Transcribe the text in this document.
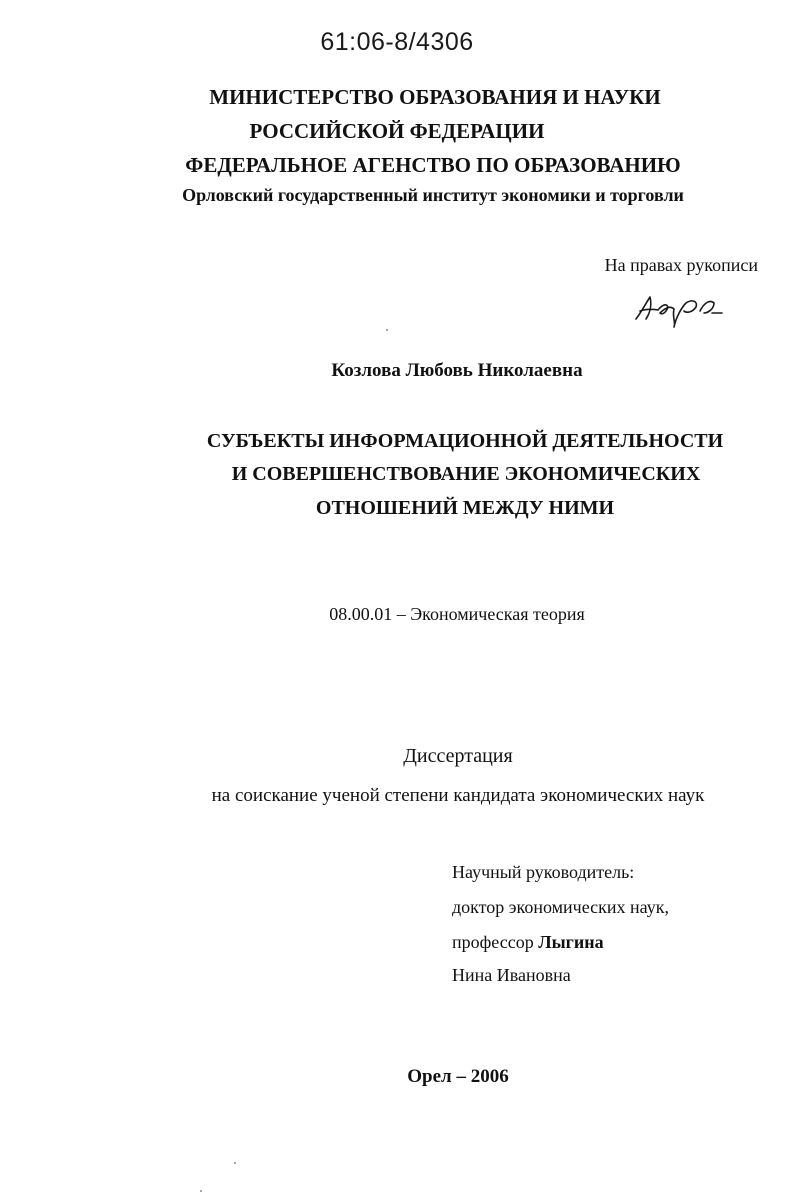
61:06-8/4306
МИНИСТЕРСТВО ОБРАЗОВАНИЯ И НАУКИ
РОССИЙСКОЙ ФЕДЕРАЦИИ
ФЕДЕРАЛЬНОЕ АГЕНСТВО ПО ОБРАЗОВАНИЮ
Орловский государственный институт экономики и торговли
На правах рукописи
Козлова Любовь Николаевна
СУБЪЕКТЫ ИНФОРМАЦИОННОЙ ДЕЯТЕЛЬНОСТИ
И СОВЕРШЕНСТВОВАНИЕ ЭКОНОМИЧЕСКИХ
ОТНОШЕНИЙ МЕЖДУ НИМИ
08.00.01 – Экономическая теория
Диссертация
на соискание ученой степени кандидата экономических наук
Научный руководитель:
доктор экономических наук,
профессор Лыгина
Нина Ивановна
Орел – 2006
